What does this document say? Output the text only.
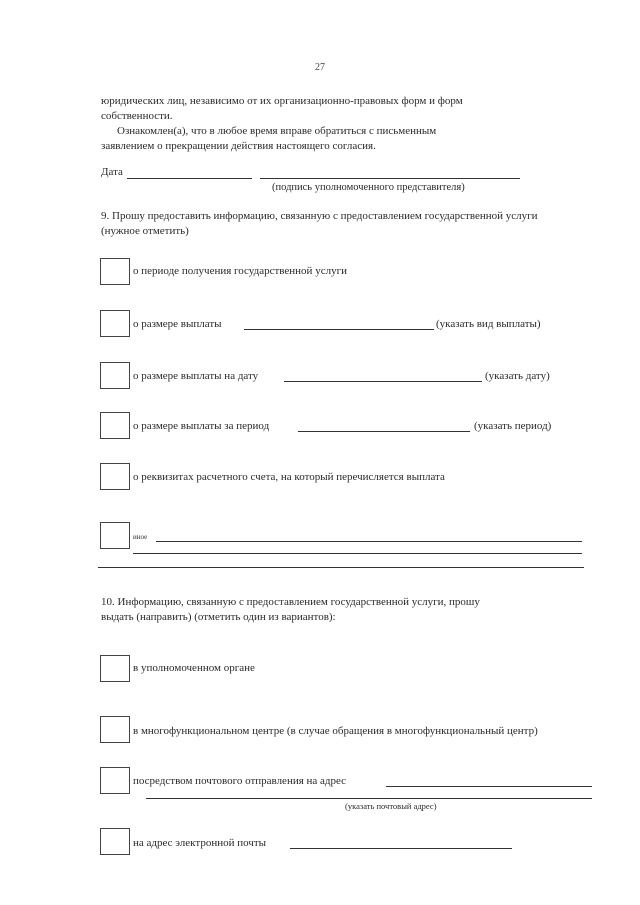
27
юридических лиц, независимо от их организационно-правовых форм и форм
собственности.
Ознакомлен(а), что в любое время вправе обратиться с письменным
заявлением о прекращении действия настоящего согласия.
Дата
(подпись уполномоченного представителя)
9. Прошу предоставить информацию, связанную с предоставлением государственной услуги
(нужное отметить)
о периоде получения государственной услуги
о размере выплаты	(указать вид выплаты)
о размере выплаты на дату	(указать дату)
о размере выплаты за период	(указать период)
о реквизитах расчетного счета, на который перечисляется выплата
иное
10. Информацию, связанную с предоставлением государственной услуги, прошу
выдать (направить) (отметить один из вариантов):
в уполномоченном органе
в многофункциональном центре (в случае обращения в многофункциональный центр)
посредством почтового отправления на адрес
(указать почтовый адрес)
на адрес электронной почты
